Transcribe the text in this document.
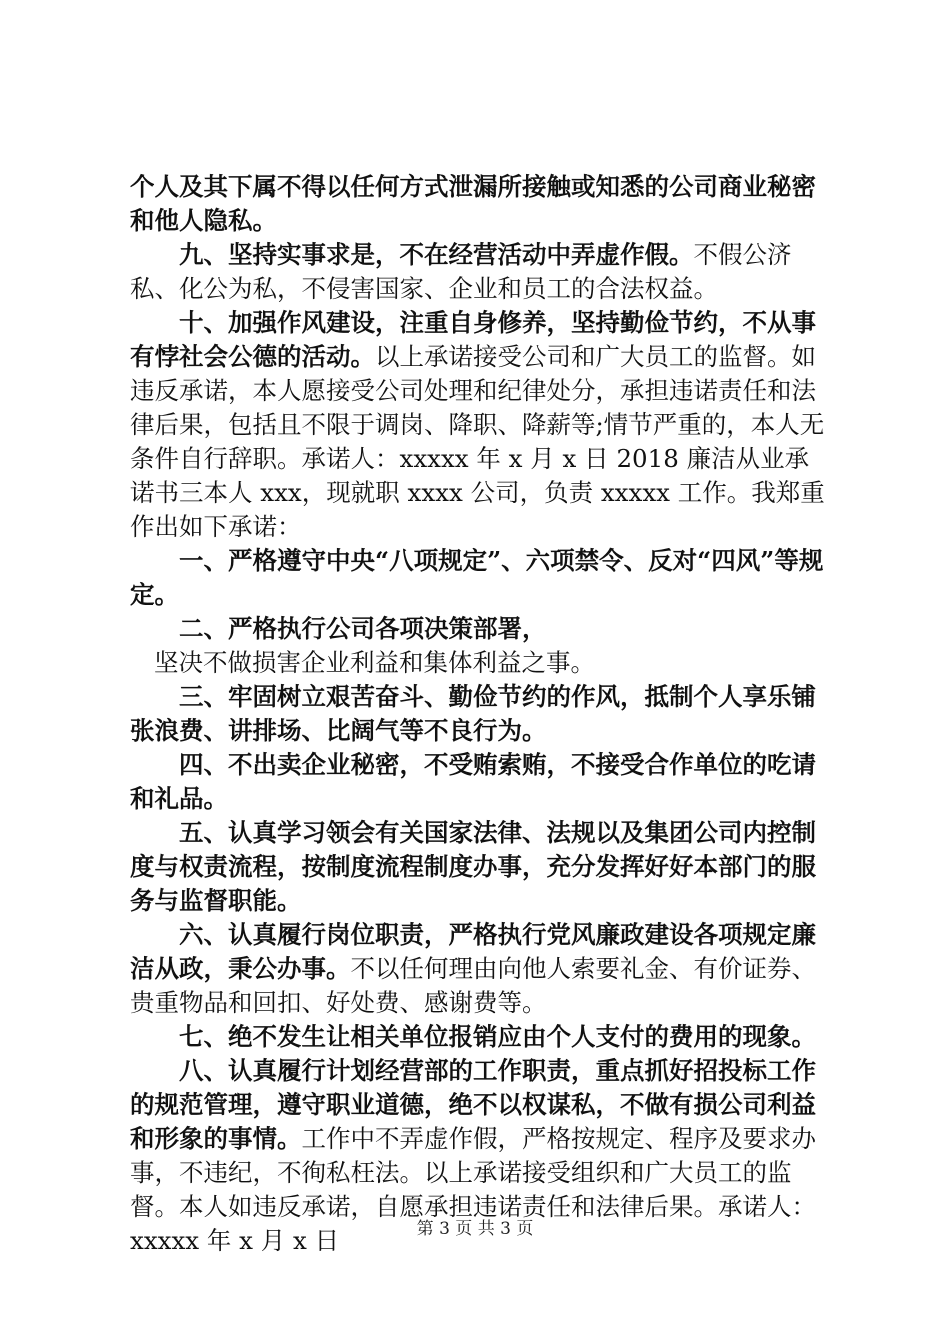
个人及其下属不得以任何方式泄漏所接触或知悉的公司商业秘密和他人隐私。

九、坚持实事求是，不在经营活动中弄虚作假。不假公济私、化公为私，不侵害国家、企业和员工的合法权益。

十、加强作风建设，注重自身修养，坚持勤俭节约，不从事有悖社会公德的活动。以上承诺接受公司和广大员工的监督。如违反承诺，本人愿接受公司处理和纪律处分，承担违诺责任和法律后果，包括且不限于调岗、降职、降薪等;情节严重的，本人无条件自行辞职。承诺人：xxxxx 年 x 月 x 日 2018 廉洁从业承诺书三本人 xxx，现就职 xxxx 公司，负责 xxxxx 工作。我郑重作出如下承诺：

一、严格遵守中央“八项规定”、六项禁令、反对“四风”等规定。

二、严格执行公司各项决策部署，

坚决不做损害企业利益和集体利益之事。

三、牢固树立艰苦奋斗、勤俭节约的作风，抵制个人享乐铺张浪费、讲排场、比阔气等不良行为。

四、不出卖企业秘密，不受贿索贿，不接受合作单位的吃请和礼品。

五、认真学习领会有关国家法律、法规以及集团公司内控制度与权责流程，按制度流程制度办事，充分发挥好好本部门的服务与监督职能。

六、认真履行岗位职责，严格执行党风廉政建设各项规定廉洁从政，秉公办事。不以任何理由向他人索要礼金、有价证券、贵重物品和回扣、好处费、感谢费等。

七、绝不发生让相关单位报销应由个人支付的费用的现象。

八、认真履行计划经营部的工作职责，重点抓好招投标工作的规范管理，遵守职业道德，绝不以权谋私，不做有损公司利益和形象的事情。工作中不弄虚作假，严格按规定、程序及要求办事，不违纪，不徇私枉法。以上承诺接受组织和广大员工的监督。本人如违反承诺，自愿承担违诺责任和法律后果。承诺人：xxxxx 年 x 月 x 日	第 3 页 共 3 页
